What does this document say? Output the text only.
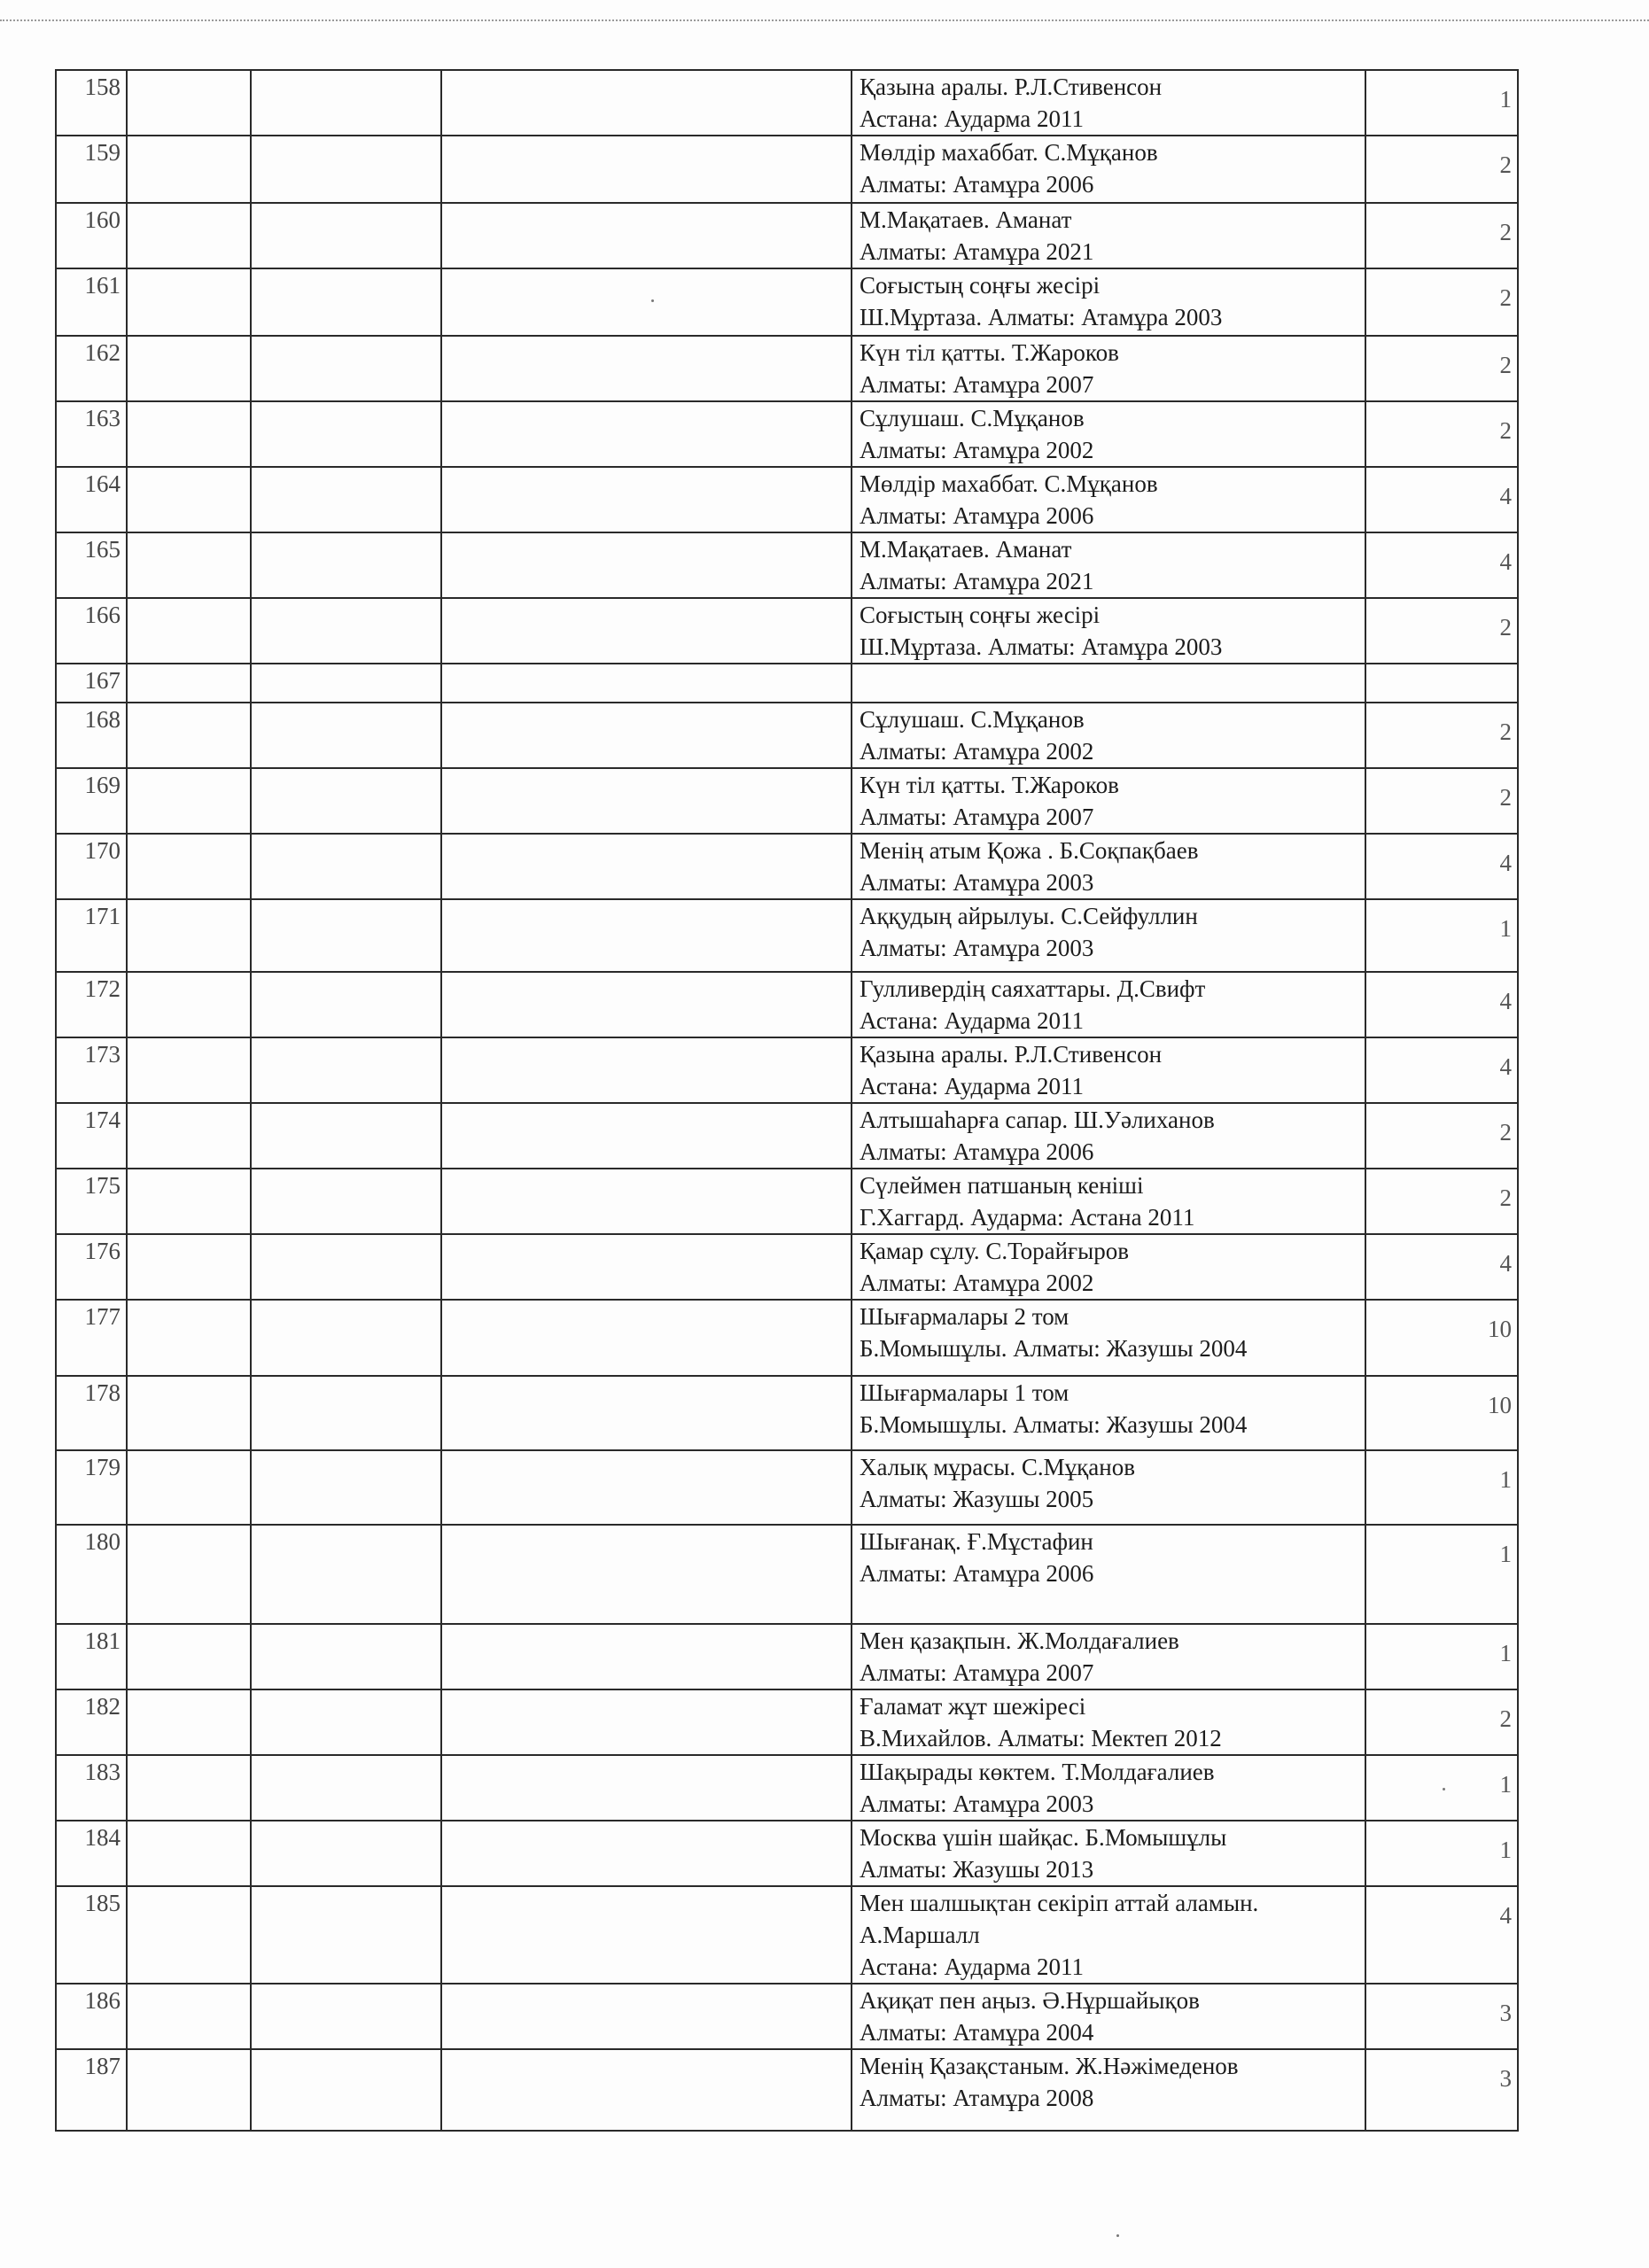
158				Қазына аралы. Р.Л.Стивенсон
Астана: Аударма 2011	1
159				Мөлдір махаббат. С.Мұқанов
Алматы: Атамұра 2006	2
160				М.Мақатаев. Аманат
Алматы: Атамұра 2021	2
161				Соғыстың соңғы жесірі
Ш.Мұртаза. Алматы: Атамұра 2003	2
162				Күн тіл қатты. Т.Жароков
Алматы: Атамұра 2007	2
163				Сұлушаш. С.Мұқанов
Алматы: Атамұра 2002	2
164				Мөлдір махаббат. С.Мұқанов
Алматы: Атамұра 2006	4
165				М.Мақатаев. Аманат
Алматы: Атамұра 2021	4
166				Соғыстың соңғы жесірі
Ш.Мұртаза. Алматы: Атамұра 2003	2
167					
168				Сұлушаш. С.Мұқанов
Алматы: Атамұра 2002	2
169				Күн тіл қатты. Т.Жароков
Алматы: Атамұра 2007	2
170				Менің атым Қожа . Б.Соқпақбаев
Алматы: Атамұра 2003	4
171				Аққудың айрылуы. С.Сейфуллин
Алматы: Атамұра 2003	1
172				Гулливердің саяхаттары. Д.Свифт
Астана: Аударма 2011	4
173				Қазына аралы. Р.Л.Стивенсон
Астана: Аударма 2011	4
174				Алтышаһарға сапар. Ш.Уәлиханов
Алматы: Атамұра 2006	2
175				Сүлеймен патшаның кеніші
Г.Хаггард. Аударма: Астана 2011	2
176				Қамар сұлу. С.Торайғыров
Алматы: Атамұра 2002	4
177				Шығармалары 2 том
Б.Момышұлы. Алматы: Жазушы 2004	10
178				Шығармалары 1 том
Б.Момышұлы. Алматы: Жазушы 2004	10
179				Халық мұрасы. С.Мұқанов
Алматы: Жазушы 2005	1
180				Шығанақ. Ғ.Мұстафин
Алматы: Атамұра 2006	1
181				Мен қазақпын. Ж.Молдағалиев
Алматы: Атамұра 2007	1
182				Ғаламат жұт шежіресі
В.Михайлов. Алматы: Мектеп 2012	2
183				Шақырады көктем. Т.Молдағалиев
Алматы: Атамұра 2003	1
184				Москва үшін шайқас. Б.Момышұлы
Алматы: Жазушы 2013	1
185				Мен шалшықтан секіріп аттай аламын.
А.Маршалл
Астана: Аударма 2011	4
186				Ақиқат пен аңыз. Ә.Нұршайықов
Алматы: Атамұра 2004	3
187				Менің Қазақстаным. Ж.Нәжімеденов
Алматы: Атамұра 2008	3
